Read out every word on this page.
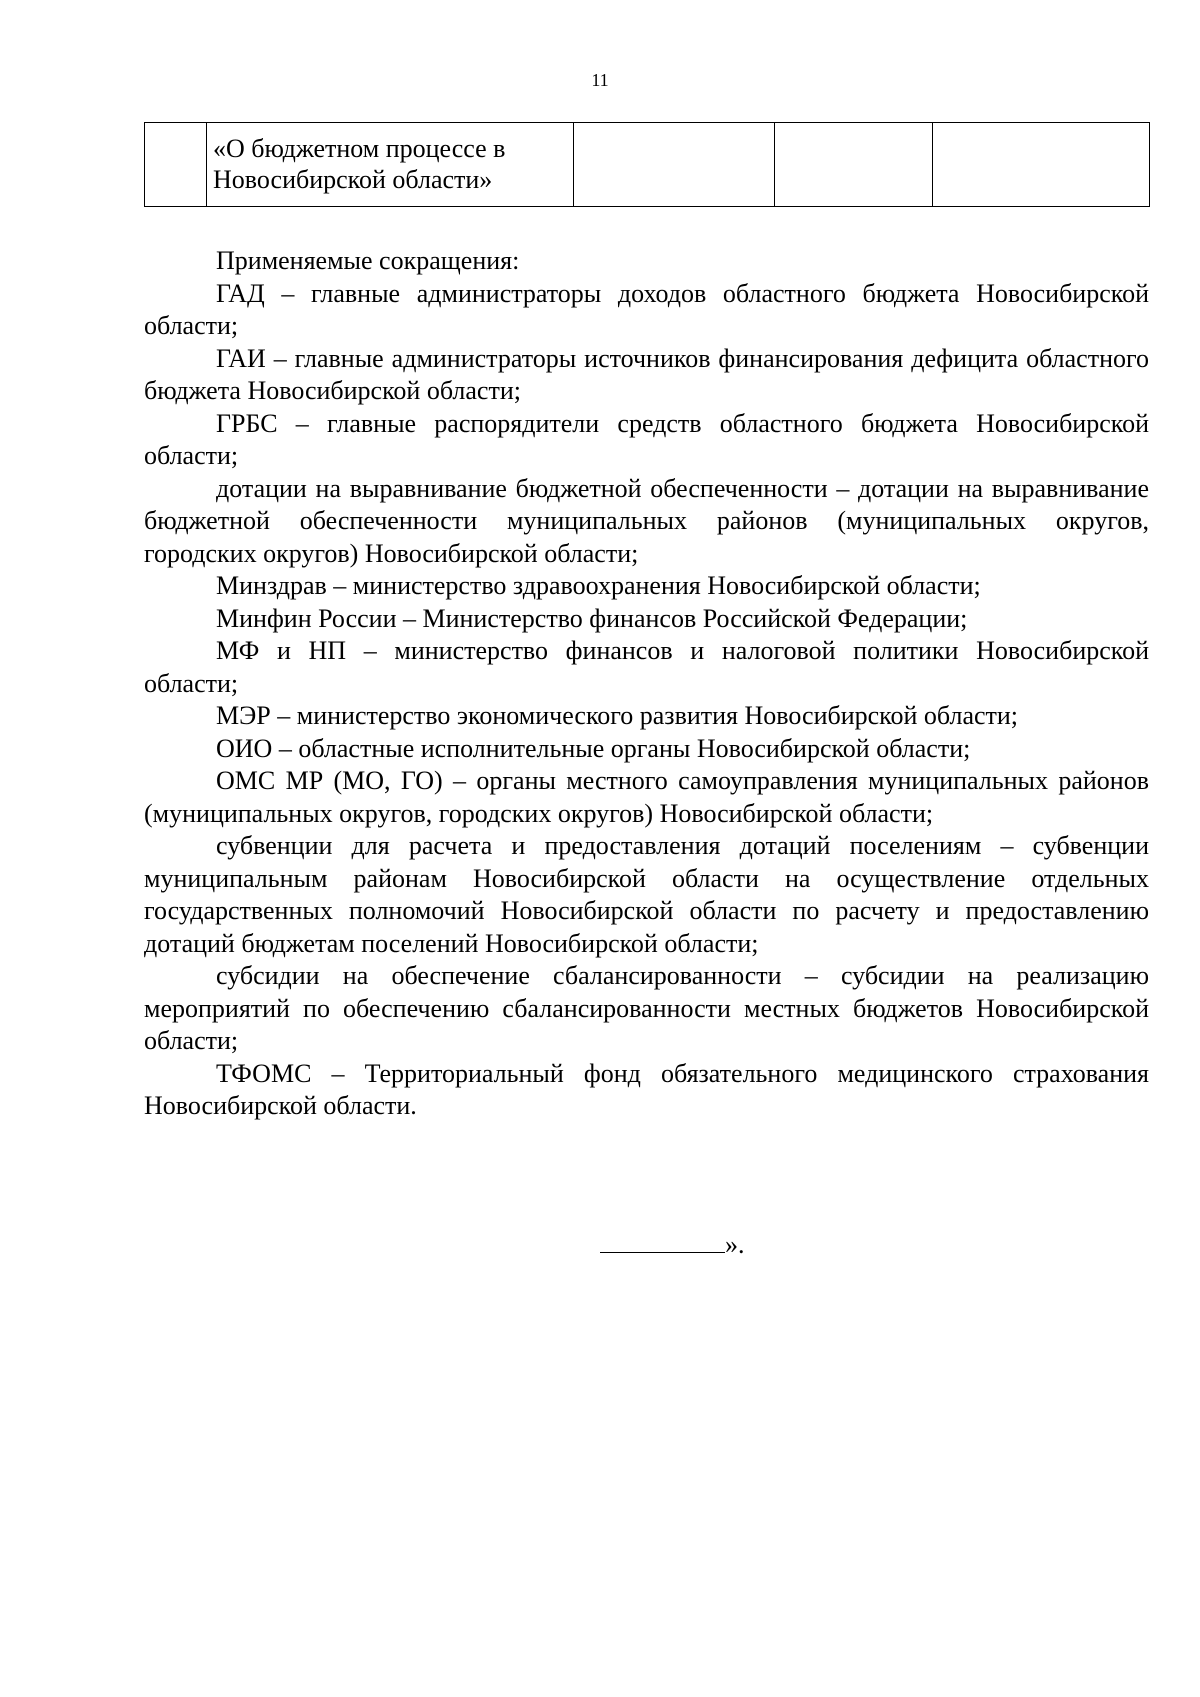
11
	«О бюджетном процессе в Новосибирской области»			

Применяемые сокращения:

ГАД – главные администраторы доходов областного бюджета Новосибирской области;

ГАИ – главные администраторы источников финансирования дефицита областного бюджета Новосибирской области;

ГРБС – главные распорядители средств областного бюджета Новосибирской области;

дотации на выравнивание бюджетной обеспеченности – дотации на выравнивание бюджетной обеспеченности муниципальных районов (муниципальных округов, городских округов) Новосибирской области;

Минздрав – министерство здравоохранения Новосибирской области;

Минфин России – Министерство финансов Российской Федерации;

МФ и НП – министерство финансов и налоговой политики Новосибирской области;

МЭР – министерство экономического развития Новосибирской области;

ОИО – областные исполнительные органы Новосибирской области;

ОМС МР (МО, ГО) – органы местного самоуправления муниципальных районов (муниципальных округов, городских округов) Новосибирской области;

субвенции для расчета и предоставления дотаций поселениям – субвенции муниципальным районам Новосибирской области на осуществление отдельных государственных полномочий Новосибирской области по расчету и предоставлению дотаций бюджетам поселений Новосибирской области;

субсидии на обеспечение сбалансированности – субсидии на реализацию мероприятий по обеспечению сбалансированности местных бюджетов Новосибирской области;

ТФОМС – Территориальный фонд обязательного медицинского страхования Новосибирской области.

».
